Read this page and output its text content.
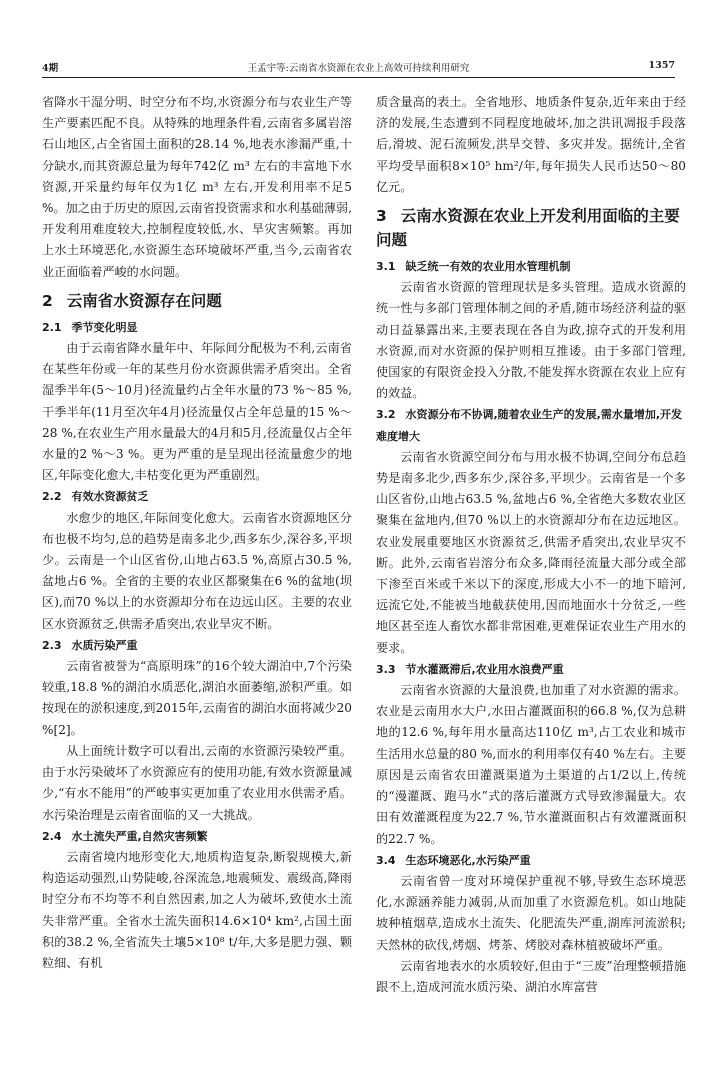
4期	王孟宇等:云南省水资源在农业上高效可持续利用研究	1357

省降水干湿分明、时空分布不均,水资源分布与农业生产等生产要素匹配不良。从特殊的地理条件看,云南省多属岩溶石山地区,占全省国土面积的28.14 %,地表水渗漏严重,十分缺水,而其资源总量为每年742亿 m³ 左右的丰富地下水资源,开采量约每年仅为1亿 m³ 左右,开发利用率不足5 %。加之由于历史的原因,云南省投资需求和水利基础薄弱,开发利用难度较大,控制程度较低,水、旱灾害频繁。再加上水土环境恶化,水资源生态环境破坏严重,当今,云南省农业正面临着严峻的水问题。

2 云南省水资源存在问题
2.1 季节变化明显

由于云南省降水量年中、年际间分配极为不利,云南省在某些年份或一年的某些月份水资源供需矛盾突出。全省湿季半年(5～10月)径流量约占全年水量的73 %～85 %,干季半年(11月至次年4月)径流量仅占全年总量的15 %～28 %,在农业生产用水量最大的4月和5月,径流量仅占全年水量的2 %～3 %。更为严重的是呈现出径流量愈少的地区,年际变化愈大,丰枯变化更为严重剧烈。

2.2 有效水资源贫乏

水愈少的地区,年际间变化愈大。云南省水资源地区分布也极不均匀,总的趋势是南多北少,西多东少,深谷多,平坝少。云南是一个山区省份,山地占63.5 %,高原占30.5 %,盆地占6 %。全省的主要的农业区都聚集在6 %的盆地(坝区),而70 %以上的水资源却分布在边远山区。主要的农业区水资源贫乏,供需矛盾突出,农业旱灾不断。

2.3 水质污染严重

云南省被誉为“高原明珠”的16个较大湖泊中,7个污染较重,18.8 %的湖泊水质恶化,湖泊水面萎缩,淤积严重。如按现在的淤积速度,到2015年,云南省的湖泊水面将减少20 %[2]。

从上面统计数字可以看出,云南的水资源污染较严重。由于水污染破坏了水资源应有的使用功能,有效水资源量减少,“有水不能用”的严峻事实更加重了农业用水供需矛盾。水污染治理是云南省面临的又一大挑战。

2.4 水土流失严重,自然灾害频繁

云南省境内地形变化大,地质构造复杂,断裂规模大,新构造运动强烈,山势陡峻,谷深流急,地震频发、震级高,降雨时空分布不均等不利自然因素,加之人为破坏,致使水土流失非常严重。全省水土流失面积14.6×10⁴ km²,占国土面积的38.2 %,全省流失土壤5×10⁸ t/年,大多是肥力强、颗粒细、有机

质含量高的表土。全省地形、地质条件复杂,近年来由于经济的发展,生态遭到不同程度地破坏,加之洪讯凋报手段落后,滑坡、泥石流频发,洪旱交替、多灾并发。据统计,全省平均受旱面积8×10⁵ hm²/年,每年损失人民币达50～80亿元。

3 云南水资源在农业上开发利用面临的主要问题
3.1 缺乏统一有效的农业用水管理机制

云南省水资源的管理现状是多头管理。造成水资源的统一性与多部门管理体制之间的矛盾,随市场经济利益的驱动日益暴露出来,主要表现在各自为政,掠夺式的开发利用水资源,而对水资源的保护则相互推诿。由于多部门管理,使国家的有限资金投入分散,不能发挥水资源在农业上应有的效益。

3.2 水资源分布不协调,随着农业生产的发展,需水量增加,开发难度增大

云南省水资源空间分布与用水极不协调,空间分布总趋势是南多北少,西多东少,深谷多,平坝少。云南省是一个多山区省份,山地占63.5 %,盆地占6 %,全省绝大多数农业区聚集在盆地内,但70 %以上的水资源却分布在边远地区。农业发展重要地区水资源贫乏,供需矛盾突出,农业旱灾不断。此外,云南省岩溶分布众多,降雨径流量大部分或全部下渗至百米或千米以下的深度,形成大小不一的地下暗河,远流它处,不能被当地截获使用,因而地面水十分贫乏,一些地区甚至连人畜饮水都非常困难,更难保证农业生产用水的要求。

3.3 节水灌溉滞后,农业用水浪费严重

云南省水资源的大量浪费,也加重了对水资源的需求。农业是云南用水大户,水田占灌溉面积的66.8 %,仅为总耕地的12.6 %,每年用水量高达110亿 m³,占工农业和城市生活用水总量的80 %,而水的利用率仅有40 %左右。主要原因是云南省农田灌溉渠道为土渠道的占1/2以上,传统的“漫灌溉、跑马水”式的落后灌溉方式导致渗漏量大。农田有效灌溉程度为22.7 %,节水灌溉面积占有效灌溉面积的22.7 %。

3.4 生态环境恶化,水污染严重

云南省曾一度对环境保护重视不够,导致生态环境恶化,水源涵养能力减弱,从而加重了水资源危机。如山地陡坡种植烟草,造成水土流失、化肥流失严重,湖库河流淤积;天然林的砍伐,烤烟、烤茶、烤胶对森林植被破坏严重。

云南省地表水的水质较好,但由于“三废”治理整顿措施跟不上,造成河流水质污染、湖泊水库富营
